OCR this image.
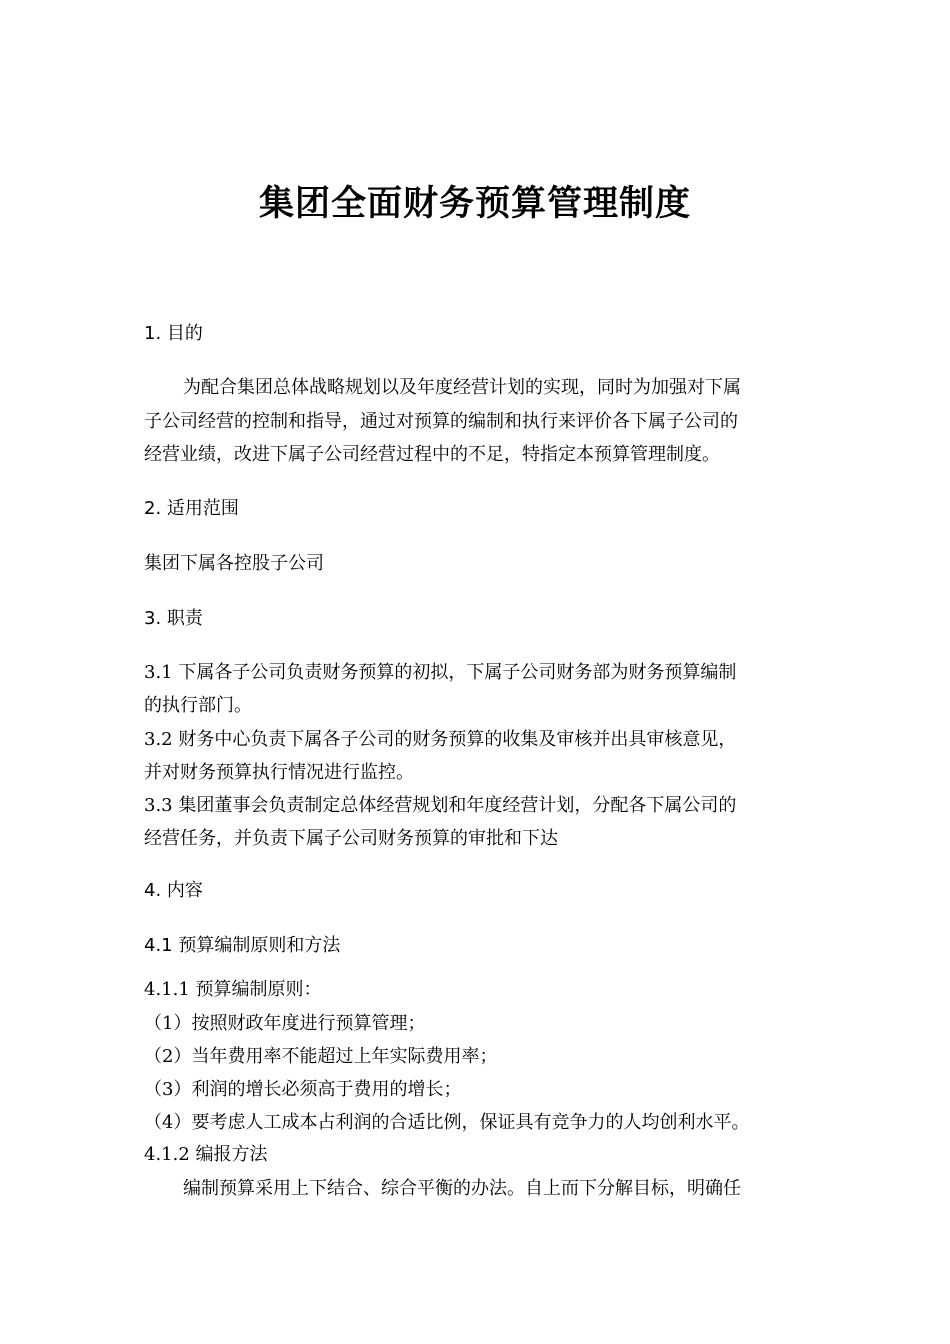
集团全面财务预算管理制度
1. 目的
为配合集团总体战略规划以及年度经营计划的实现，同时为加强对下属
子公司经营的控制和指导，通过对预算的编制和执行来评价各下属子公司的
经营业绩，改进下属子公司经营过程中的不足，特指定本预算管理制度。
2. 适用范围
集团下属各控股子公司
3. 职责
3.1 下属各子公司负责财务预算的初拟，下属子公司财务部为财务预算编制
的执行部门。
3.2 财务中心负责下属各子公司的财务预算的收集及审核并出具审核意见，
并对财务预算执行情况进行监控。
3.3 集团董事会负责制定总体经营规划和年度经营计划，分配各下属公司的
经营任务，并负责下属子公司财务预算的审批和下达
4. 内容
4.1 预算编制原则和方法
4.1.1 预算编制原则：
（1）按照财政年度进行预算管理；
（2）当年费用率不能超过上年实际费用率；
（3）利润的增长必须高于费用的增长；
（4）要考虑人工成本占利润的合适比例，保证具有竞争力的人均创利水平。
4.1.2 编报方法
编制预算采用上下结合、综合平衡的办法。自上而下分解目标，明确任
